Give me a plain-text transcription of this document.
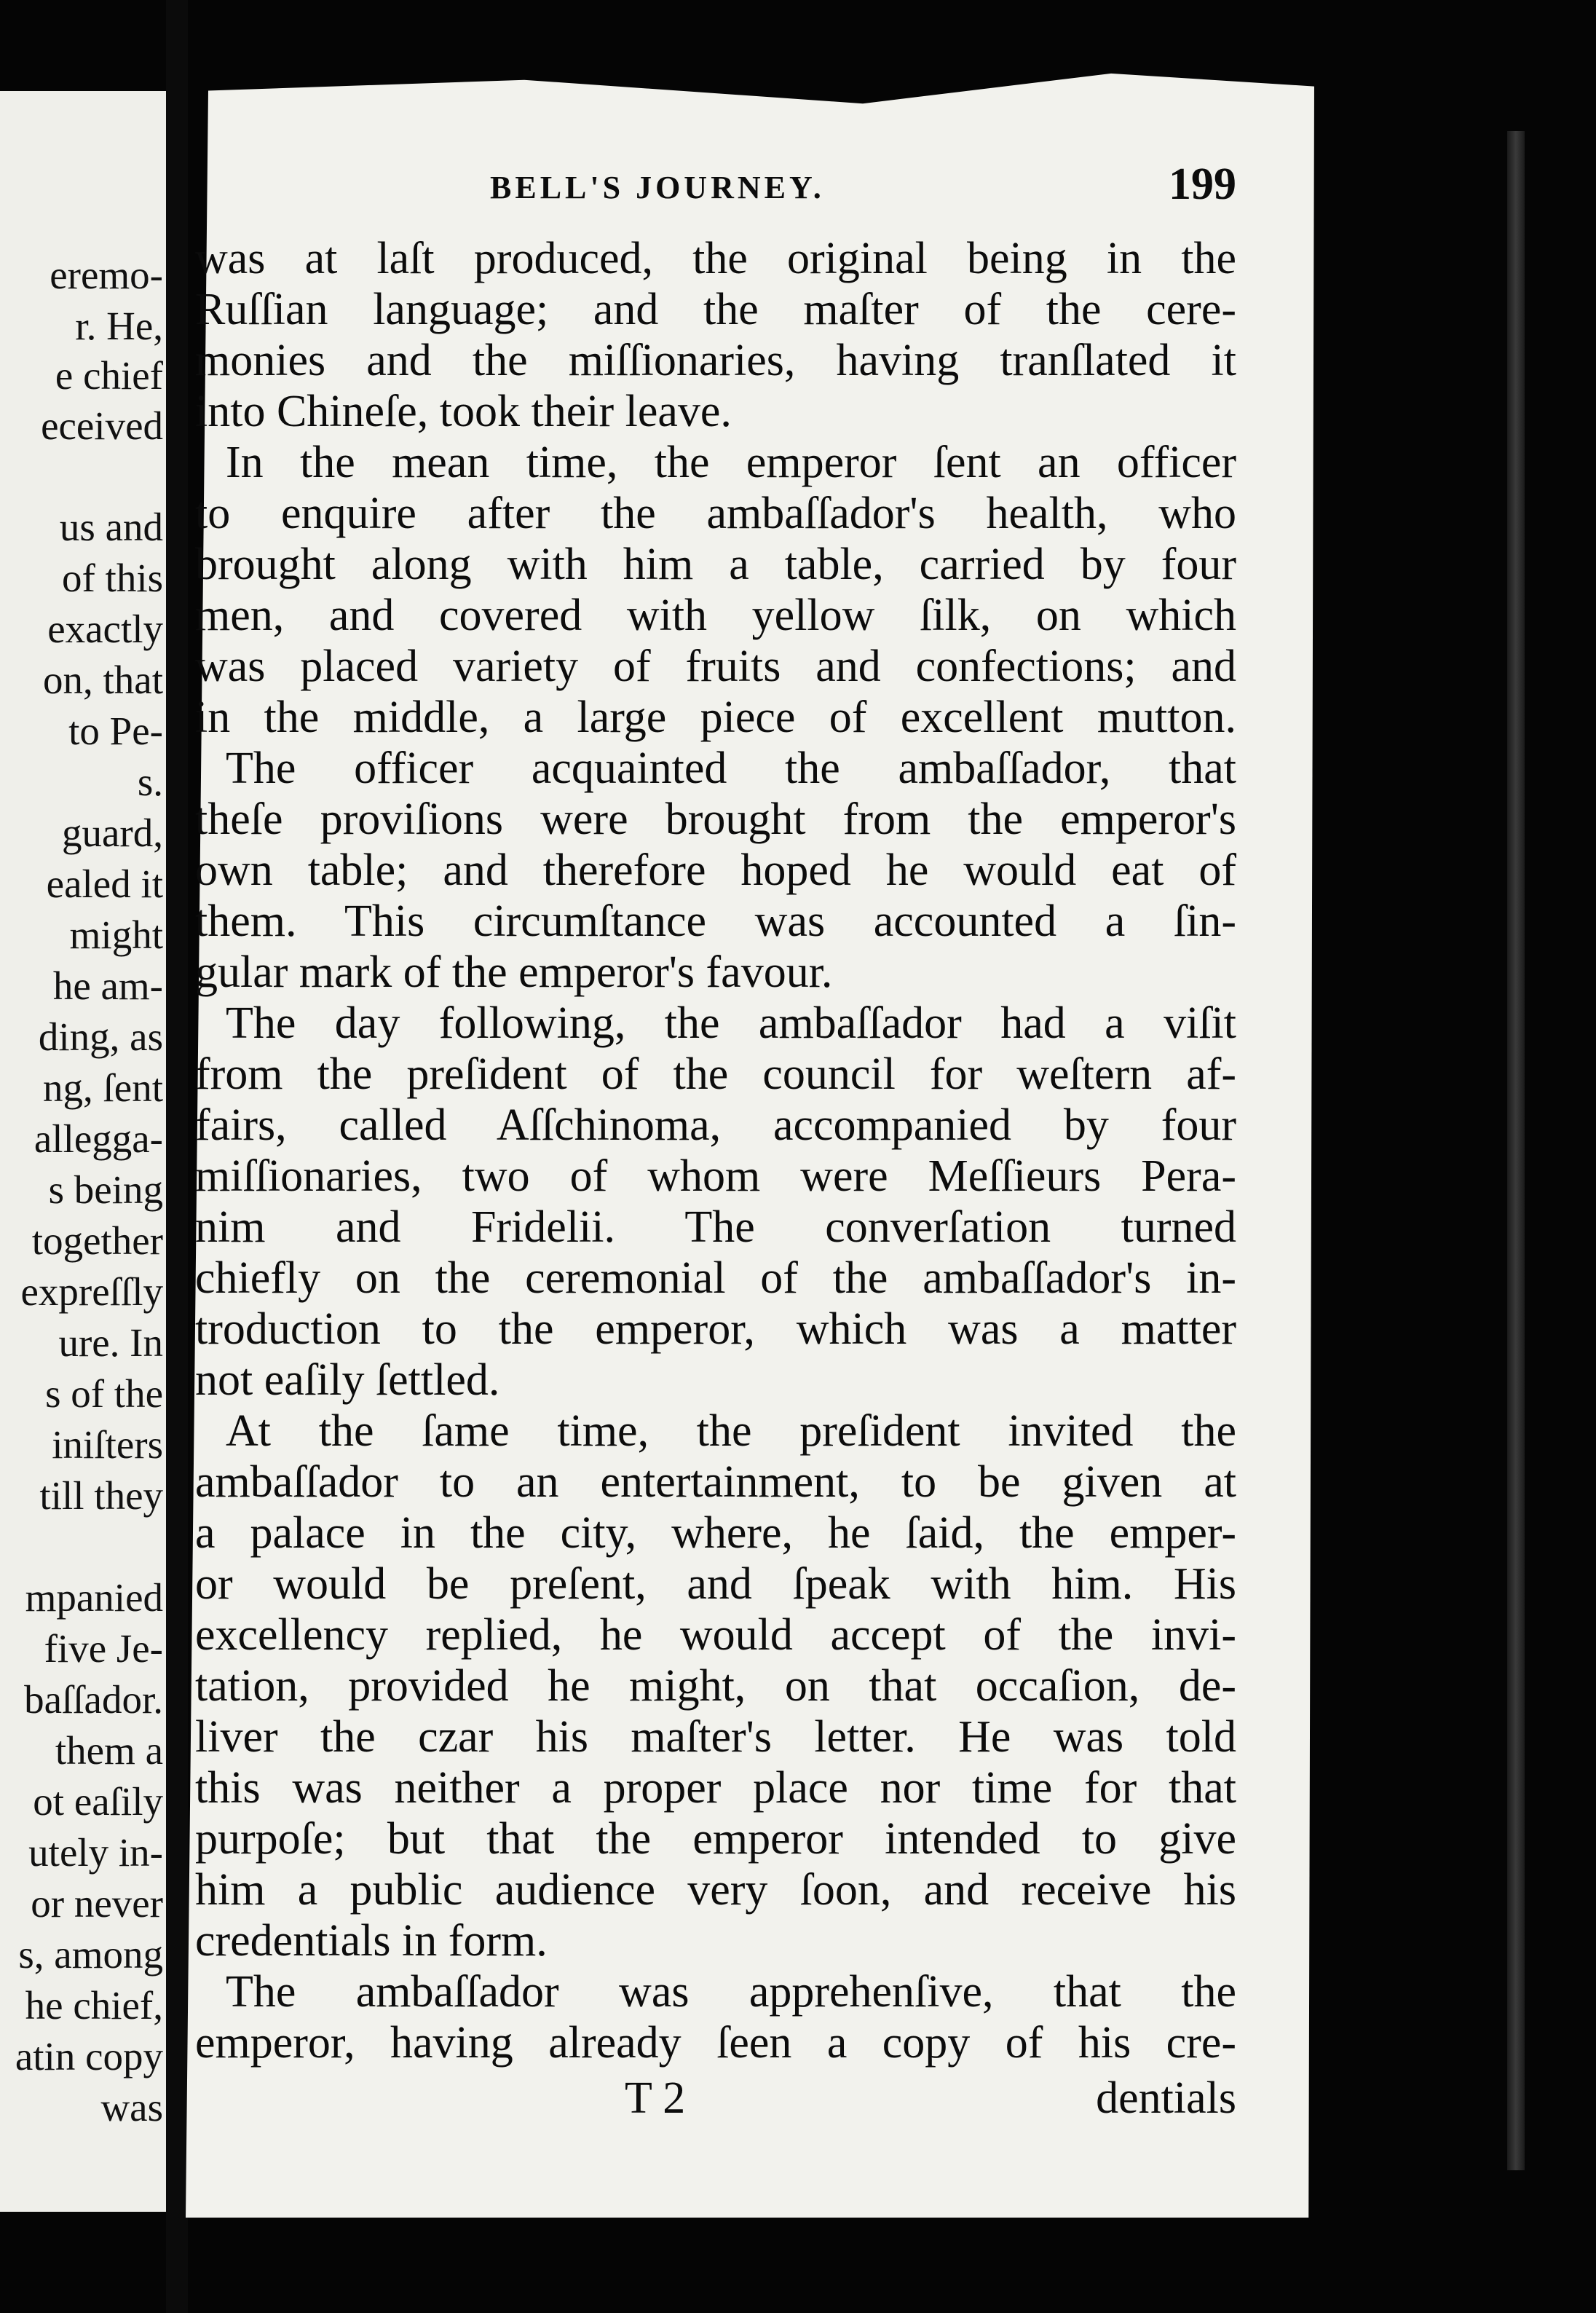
eremo-
r. He,
e chief
eceived
us and
of this
exactly
on, that
to Pe-
s.
guard,
ealed it
might
he am-
ding, as
ng, ſent
allegga-
s being
together
expreſſly
ure. In
s of the
iniſters
till they
mpanied
five Je-
baſſador.
them a
ot eaſily
utely in-
or never
s, among
he chief,
atin copy
was
BELL'S JOURNEY.	199
was at laſt produced, the original being in the
Ruſſian language; and the maſter of the cere-
monies and the miſſionaries, having tranſlated it
into Chineſe, took their leave.
In the mean time, the emperor ſent an officer
to enquire after the ambaſſador's health, who
brought along with him a table, carried by four
men, and covered with yellow ſilk, on which
was placed variety of fruits and confections; and
in the middle, a large piece of excellent mutton.
The officer acquainted the ambaſſador, that
theſe proviſions were brought from the emperor's
own table; and therefore hoped he would eat of
them. This circumſtance was accounted a ſin-
gular mark of the emperor's favour.
The day following, the ambaſſador had a viſit
from the preſident of the council for weſtern af-
fairs, called Aſſchinoma, accompanied by four
miſſionaries, two of whom were Meſſieurs Pera-
nim and Fridelii. The converſation turned
chiefly on the ceremonial of the ambaſſador's in-
troduction to the emperor, which was a matter
not eaſily ſettled.
At the ſame time, the preſident invited the
ambaſſador to an entertainment, to be given at
a palace in the city, where, he ſaid, the emper-
or would be preſent, and ſpeak with him. His
excellency replied, he would accept of the invi-
tation, provided he might, on that occaſion, de-
liver the czar his maſter's letter. He was told
this was neither a proper place nor time for that
purpoſe; but that the emperor intended to give
him a public audience very ſoon, and receive his
credentials in form.
The ambaſſador was apprehenſive, that the
emperor, having already ſeen a copy of his cre-
T 2	dentials
